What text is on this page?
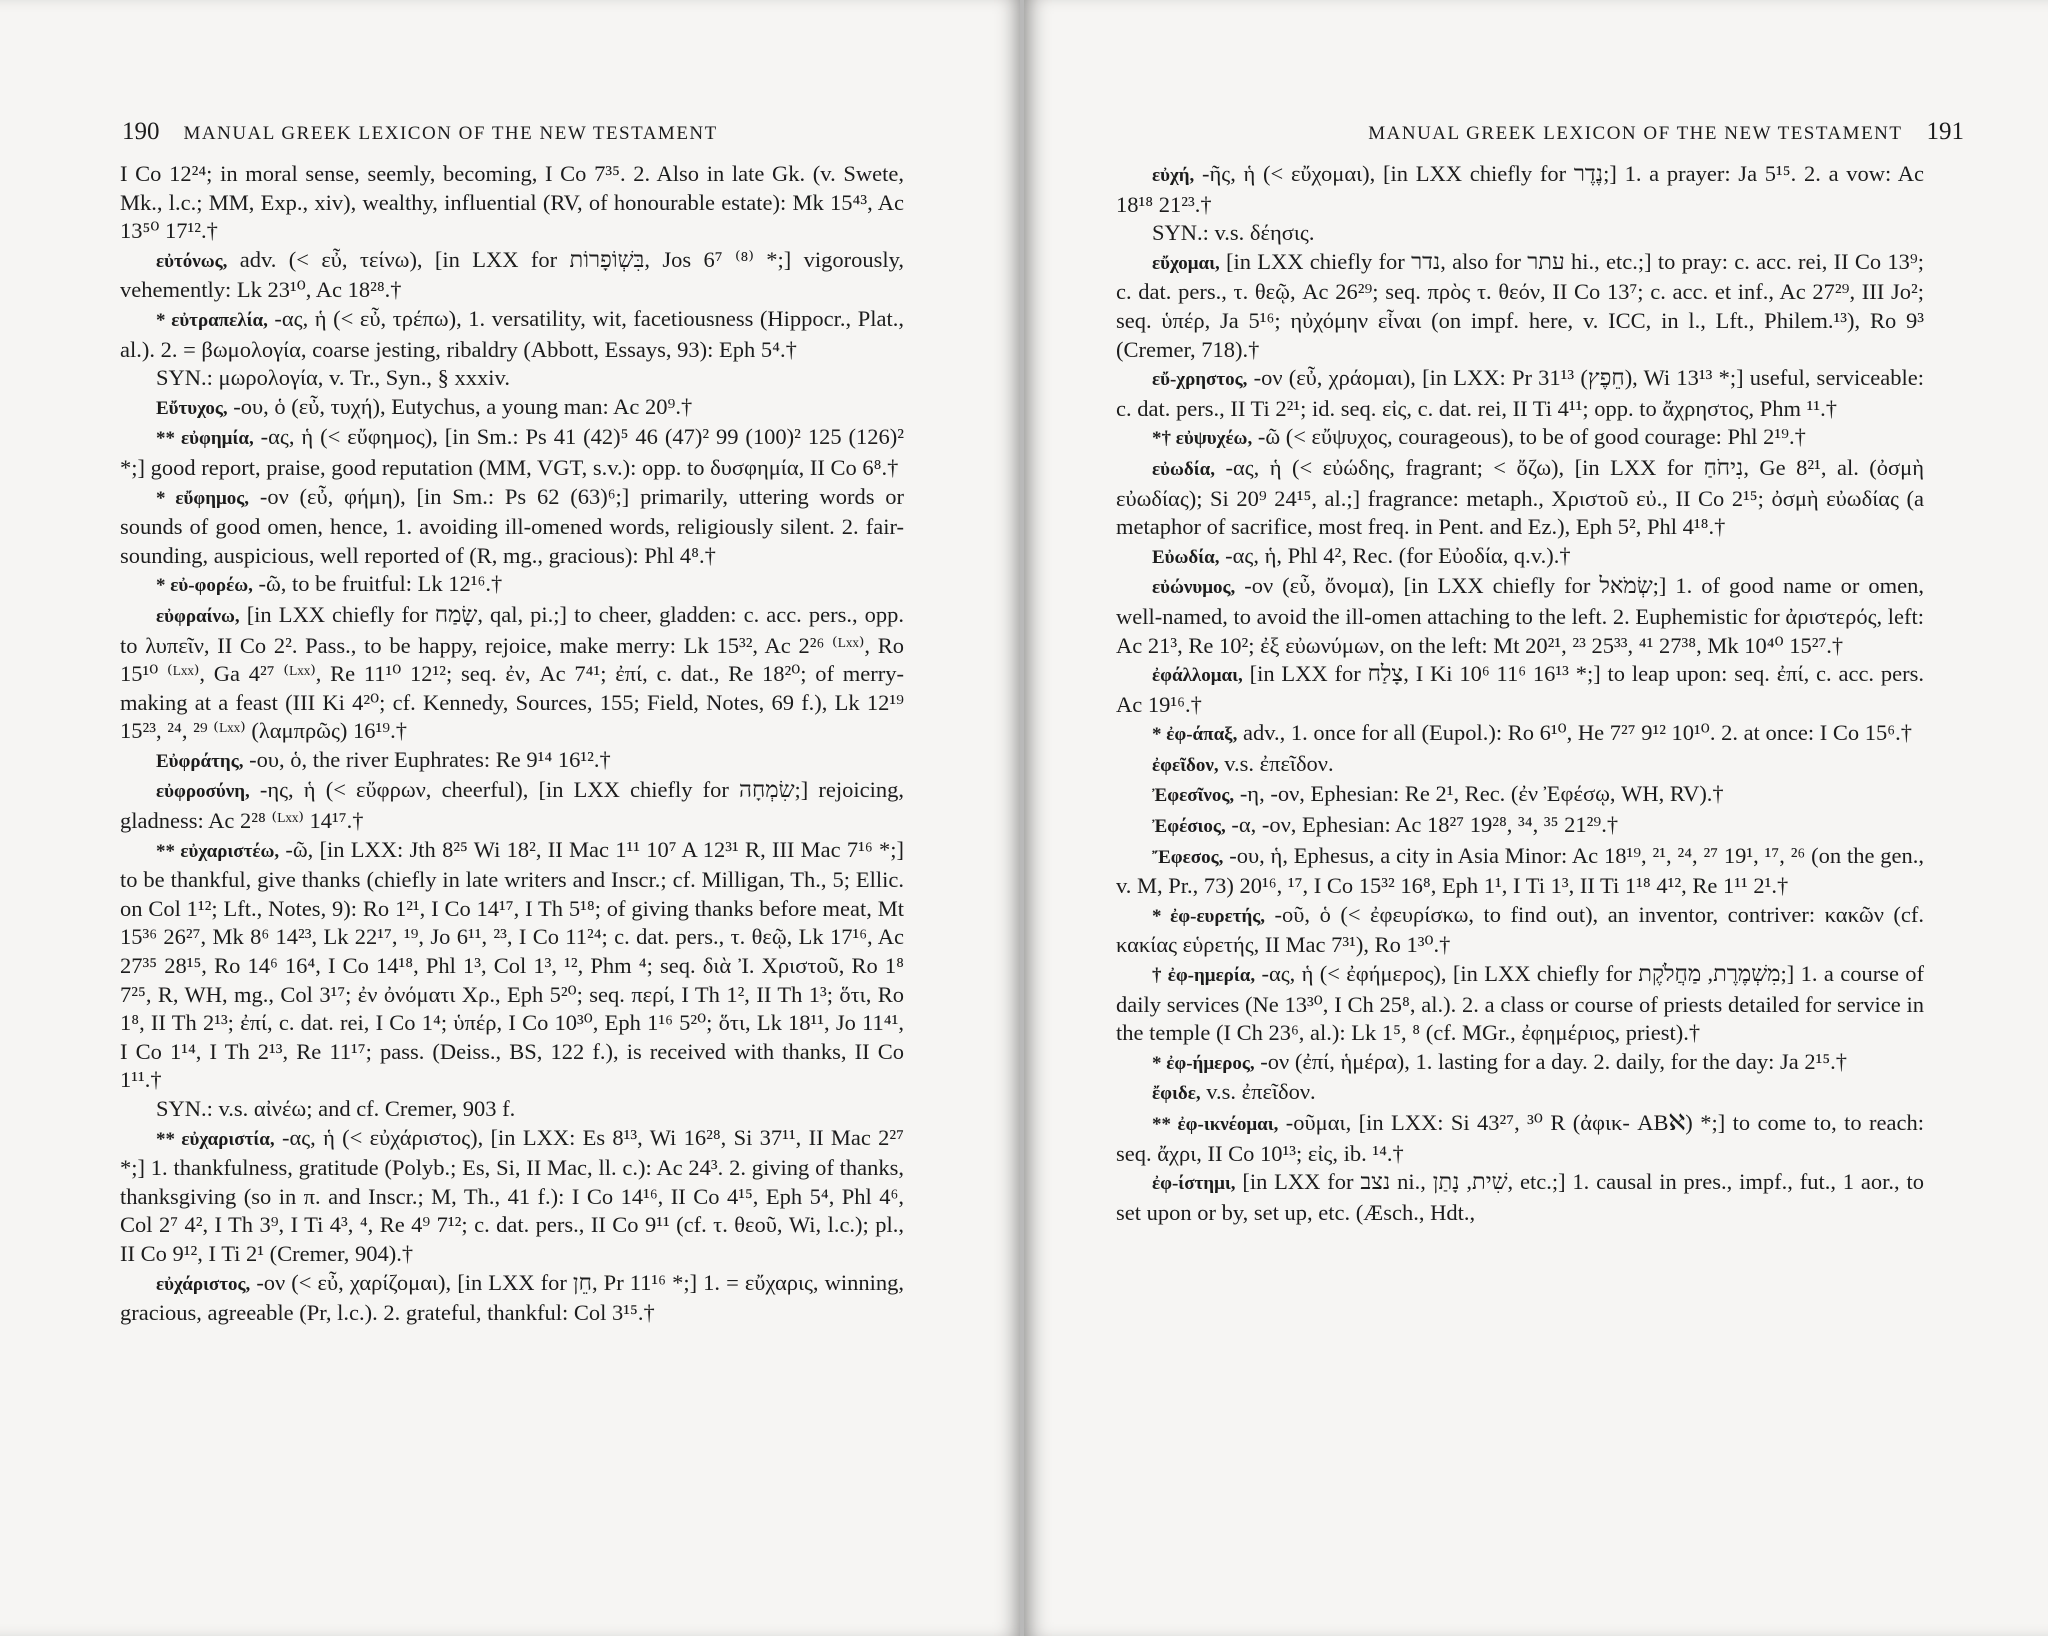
190 MANUAL GREEK LEXICON OF THE NEW TESTAMENT

I Co 12²⁴; in moral sense, seemly, becoming, I Co 7³⁵. 2. Also in late Gk. (v. Swete, Mk., l.c.; MM, Exp., xiv), wealthy, influential (RV, of honourable estate): Mk 15⁴³, Ac 13⁵⁰ 17¹².†

εὐτόνως, adv. (< εὖ, τείνω), [in LXX for בִּשְׁוֹפָרוֹת, Jos 6⁷ ⁽⁸⁾ *;] vigorously, vehemently: Lk 23¹⁰, Ac 18²⁸.†

* εὐτραπελία, -ας, ἡ (< εὖ, τρέπω), 1. versatility, wit, facetiousness (Hippocr., Plat., al.). 2. = βωμολογία, coarse jesting, ribaldry (Abbott, Essays, 93): Eph 5⁴.†

SYN.: μωρολογία, v. Tr., Syn., § xxxiv.

Εὔτυχος, -ου, ὁ (εὖ, τυχή), Eutychus, a young man: Ac 20⁹.†

** εὐφημία, -ας, ἡ (< εὔφημος), [in Sm.: Ps 41 (42)⁵ 46 (47)² 99 (100)² 125 (126)² *;] good report, praise, good reputation (MM, VGT, s.v.): opp. to δυσφημία, II Co 6⁸.†

* εὔφημος, -ον (εὖ, φήμη), [in Sm.: Ps 62 (63)⁶;] primarily, uttering words or sounds of good omen, hence, 1. avoiding ill-omened words, religiously silent. 2. fair-sounding, auspicious, well reported of (R, mg., gracious): Phl 4⁸.†

* εὐ-φορέω, -ῶ, to be fruitful: Lk 12¹⁶.†

εὐφραίνω, [in LXX chiefly for שָׂמַח, qal, pi.;] to cheer, gladden: c. acc. pers., opp. to λυπεῖν, II Co 2². Pass., to be happy, rejoice, make merry: Lk 15³², Ac 2²⁶ ⁽ᴸˣˣ⁾, Ro 15¹⁰ ⁽ᴸˣˣ⁾, Ga 4²⁷ ⁽ᴸˣˣ⁾, Re 11¹⁰ 12¹²; seq. ἐν, Ac 7⁴¹; ἐπί, c. dat., Re 18²⁰; of merry-making at a feast (III Ki 4²⁰; cf. Kennedy, Sources, 155; Field, Notes, 69 f.), Lk 12¹⁹ 15²³, ²⁴, ²⁹ ⁽ᴸˣˣ⁾ (λαμπρῶς) 16¹⁹.†

Εὐφράτης, -ου, ὁ, the river Euphrates: Re 9¹⁴ 16¹².†

εὐφροσύνη, -ης, ἡ (< εὔφρων, cheerful), [in LXX chiefly for שִׂמְחָה;] rejoicing, gladness: Ac 2²⁸ ⁽ᴸˣˣ⁾ 14¹⁷.†

** εὐχαριστέω, -ῶ, [in LXX: Jth 8²⁵ Wi 18², II Mac 1¹¹ 10⁷ A 12³¹ R, III Mac 7¹⁶ *;] to be thankful, give thanks (chiefly in late writers and Inscr.; cf. Milligan, Th., 5; Ellic. on Col 1¹²; Lft., Notes, 9): Ro 1²¹, I Co 14¹⁷, I Th 5¹⁸; of giving thanks before meat, Mt 15³⁶ 26²⁷, Mk 8⁶ 14²³, Lk 22¹⁷, ¹⁹, Jo 6¹¹, ²³, I Co 11²⁴; c. dat. pers., τ. θεῷ, Lk 17¹⁶, Ac 27³⁵ 28¹⁵, Ro 14⁶ 16⁴, I Co 14¹⁸, Phl 1³, Col 1³, ¹², Phm ⁴; seq. διὰ Ἰ. Χριστοῦ, Ro 1⁸ 7²⁵, R, WH, mg., Col 3¹⁷; ἐν ὀνόματι Χρ., Eph 5²⁰; seq. περί, I Th 1², II Th 1³; ὅτι, Ro 1⁸, II Th 2¹³; ἐπί, c. dat. rei, I Co 1⁴; ὑπέρ, I Co 10³⁰, Eph 1¹⁶ 5²⁰; ὅτι, Lk 18¹¹, Jo 11⁴¹, I Co 1¹⁴, I Th 2¹³, Re 11¹⁷; pass. (Deiss., BS, 122 f.), is received with thanks, II Co 1¹¹.†

SYN.: v.s. αἰνέω; and cf. Cremer, 903 f.

** εὐχαριστία, -ας, ἡ (< εὐχάριστος), [in LXX: Es 8¹³, Wi 16²⁸, Si 37¹¹, II Mac 2²⁷ *;] 1. thankfulness, gratitude (Polyb.; Es, Si, II Mac, ll. c.): Ac 24³. 2. giving of thanks, thanksgiving (so in π. and Inscr.; M, Th., 41 f.): I Co 14¹⁶, II Co 4¹⁵, Eph 5⁴, Phl 4⁶, Col 2⁷ 4², I Th 3⁹, I Ti 4³, ⁴, Re 4⁹ 7¹²; c. dat. pers., II Co 9¹¹ (cf. τ. θεοῦ, Wi, l.c.); pl., II Co 9¹², I Ti 2¹ (Cremer, 904).†

εὐχάριστος, -ον (< εὖ, χαρίζομαι), [in LXX for חֵן, Pr 11¹⁶ *;] 1. = εὔχαρις, winning, gracious, agreeable (Pr, l.c.). 2. grateful, thankful: Col 3¹⁵.†

MANUAL GREEK LEXICON OF THE NEW TESTAMENT 191

εὐχή, -ῆς, ἡ (< εὔχομαι), [in LXX chiefly for נֶדֶר;] 1. a prayer: Ja 5¹⁵. 2. a vow: Ac 18¹⁸ 21²³.†

SYN.: v.s. δέησις.

εὔχομαι, [in LXX chiefly for נדר, also for עתר hi., etc.;] to pray: c. acc. rei, II Co 13⁹; c. dat. pers., τ. θεῷ, Ac 26²⁹; seq. πρὸς τ. θεόν, II Co 13⁷; c. acc. et inf., Ac 27²⁹, III Jo²; seq. ὑπέρ, Ja 5¹⁶; ηὐχόμην εἶναι (on impf. here, v. ICC, in l., Lft., Philem.¹³), Ro 9³ (Cremer, 718).†

εὔ-χρηστος, -ον (εὖ, χράομαι), [in LXX: Pr 31¹³ (חֵפֶץ), Wi 13¹³ *;] useful, serviceable: c. dat. pers., II Ti 2²¹; id. seq. εἰς, c. dat. rei, II Ti 4¹¹; opp. to ἄχρηστος, Phm ¹¹.†

*† εὐψυχέω, -ῶ (< εὔψυχος, courageous), to be of good courage: Phl 2¹⁹.†

εὐωδία, -ας, ἡ (< εὐώδης, fragrant; < ὄζω), [in LXX for נִיחֹחַ, Ge 8²¹, al. (ὀσμὴ εὐωδίας); Si 20⁹ 24¹⁵, al.;] fragrance: metaph., Χριστοῦ εὐ., II Co 2¹⁵; ὀσμὴ εὐωδίας (a metaphor of sacrifice, most freq. in Pent. and Ez.), Eph 5², Phl 4¹⁸.†

Εὐωδία, -ας, ἡ, Phl 4², Rec. (for Εὐοδία, q.v.).†

εὐώνυμος, -ον (εὖ, ὄνομα), [in LXX chiefly for שְׂמֹאל;] 1. of good name or omen, well-named, to avoid the ill-omen attaching to the left. 2. Euphemistic for ἀριστερός, left: Ac 21³, Re 10²; ἐξ εὐωνύμων, on the left: Mt 20²¹, ²³ 25³³, ⁴¹ 27³⁸, Mk 10⁴⁰ 15²⁷.†

ἐφάλλομαι, [in LXX for צָלַח, I Ki 10⁶ 11⁶ 16¹³ *;] to leap upon: seq. ἐπί, c. acc. pers. Ac 19¹⁶.†

* ἐφ-άπαξ, adv., 1. once for all (Eupol.): Ro 6¹⁰, He 7²⁷ 9¹² 10¹⁰. 2. at once: I Co 15⁶.†

ἐφεῖδον, v.s. ἐπεῖδον.

Ἐφεσῖνος, -η, -ον, Ephesian: Re 2¹, Rec. (ἐν Ἐφέσῳ, WH, RV).†

Ἐφέσιος, -α, -ον, Ephesian: Ac 18²⁷ 19²⁸, ³⁴, ³⁵ 21²⁹.†

Ἔφεσος, -ου, ἡ, Ephesus, a city in Asia Minor: Ac 18¹⁹, ²¹, ²⁴, ²⁷ 19¹, ¹⁷, ²⁶ (on the gen., v. M, Pr., 73) 20¹⁶, ¹⁷, I Co 15³² 16⁸, Eph 1¹, I Ti 1³, II Ti 1¹⁸ 4¹², Re 1¹¹ 2¹.†

* ἐφ-ευρετής, -οῦ, ὁ (< ἐφευρίσκω, to find out), an inventor, contriver: κακῶν (cf. κακίας εὑρετής, II Mac 7³¹), Ro 1³⁰.†

† ἐφ-ημερία, -ας, ἡ (< ἐφήμερος), [in LXX chiefly for מִשְׁמֶרֶת, מַחֲלֹקֶת;] 1. a course of daily services (Ne 13³⁰, I Ch 25⁸, al.). 2. a class or course of priests detailed for service in the temple (I Ch 23⁶, al.): Lk 1⁵, ⁸ (cf. MGr., ἐφημέριος, priest).†

* ἐφ-ήμερος, -ον (ἐπί, ἡμέρα), 1. lasting for a day. 2. daily, for the day: Ja 2¹⁵.†

ἔφιδε, v.s. ἐπεῖδον.

** ἐφ-ικνέομαι, -οῦμαι, [in LXX: Si 43²⁷, ³⁰ R (ἀφικ- ABℵ) *;] to come to, to reach: seq. ἄχρι, II Co 10¹³; εἰς, ib. ¹⁴.†

ἐφ-ίστημι, [in LXX for נצב ni., שִׁית, נָתַן, etc.;] 1. causal in pres., impf., fut., 1 aor., to set upon or by, set up, etc. (Æsch., Hdt.,
